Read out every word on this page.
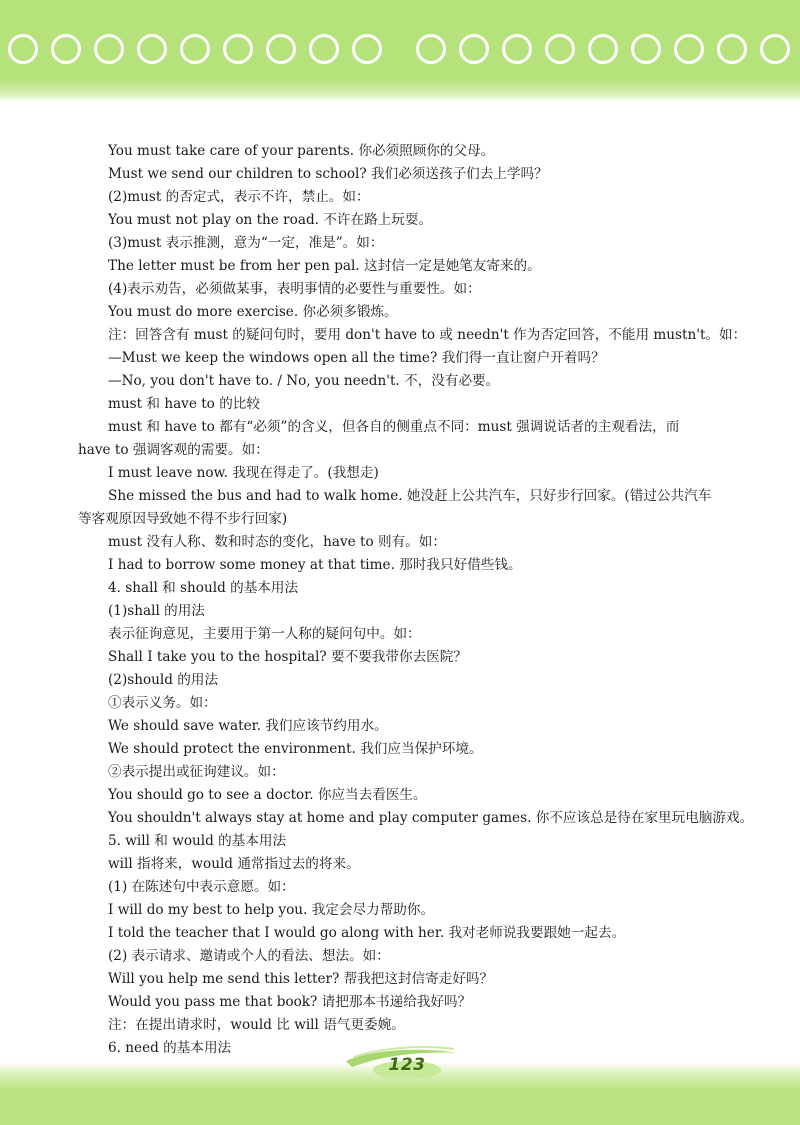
You must take care of your parents. 你必须照顾你的父母。
Must we send our children to school? 我们必须送孩子们去上学吗？
(2)must 的否定式，表示不许，禁止。如：
You must not play on the road. 不许在路上玩耍。
(3)must 表示推测，意为“一定，准是”。如：
The letter must be from her pen pal. 这封信一定是她笔友寄来的。
(4)表示劝告，必须做某事，表明事情的必要性与重要性。如：
You must do more exercise. 你必须多锻炼。
注：回答含有 must 的疑问句时，要用 don't have to 或 needn't 作为否定回答，不能用 mustn't。如：
—Must we keep the windows open all the time? 我们得一直让窗户开着吗？
—No, you don't have to. / No, you needn't. 不，没有必要。
must 和 have to 的比较
must 和 have to 都有“必须”的含义，但各自的侧重点不同：must 强调说话者的主观看法，而
have to 强调客观的需要。如：
I must leave now. 我现在得走了。(我想走)
She missed the bus and had to walk home. 她没赶上公共汽车，只好步行回家。(错过公共汽车
等客观原因导致她不得不步行回家)
must 没有人称、数和时态的变化，have to 则有。如：
I had to borrow some money at that time. 那时我只好借些钱。
4. shall 和 should 的基本用法
(1)shall 的用法
表示征询意见，主要用于第一人称的疑问句中。如：
Shall I take you to the hospital? 要不要我带你去医院？
(2)should 的用法
①表示义务。如：
We should save water. 我们应该节约用水。
We should protect the environment. 我们应当保护环境。
②表示提出或征询建议。如：
You should go to see a doctor. 你应当去看医生。
You shouldn't always stay at home and play computer games. 你不应该总是待在家里玩电脑游戏。
5. will 和 would 的基本用法
will 指将来，would 通常指过去的将来。
(1) 在陈述句中表示意愿。如：
I will do my best to help you. 我定会尽力帮助你。
I told the teacher that I would go along with her. 我对老师说我要跟她一起去。
(2) 表示请求、邀请或个人的看法、想法。如：
Will you help me send this letter? 帮我把这封信寄走好吗？
Would you pass me that book? 请把那本书递给我好吗？
注：在提出请求时，would 比 will 语气更委婉。
6. need 的基本用法
123
